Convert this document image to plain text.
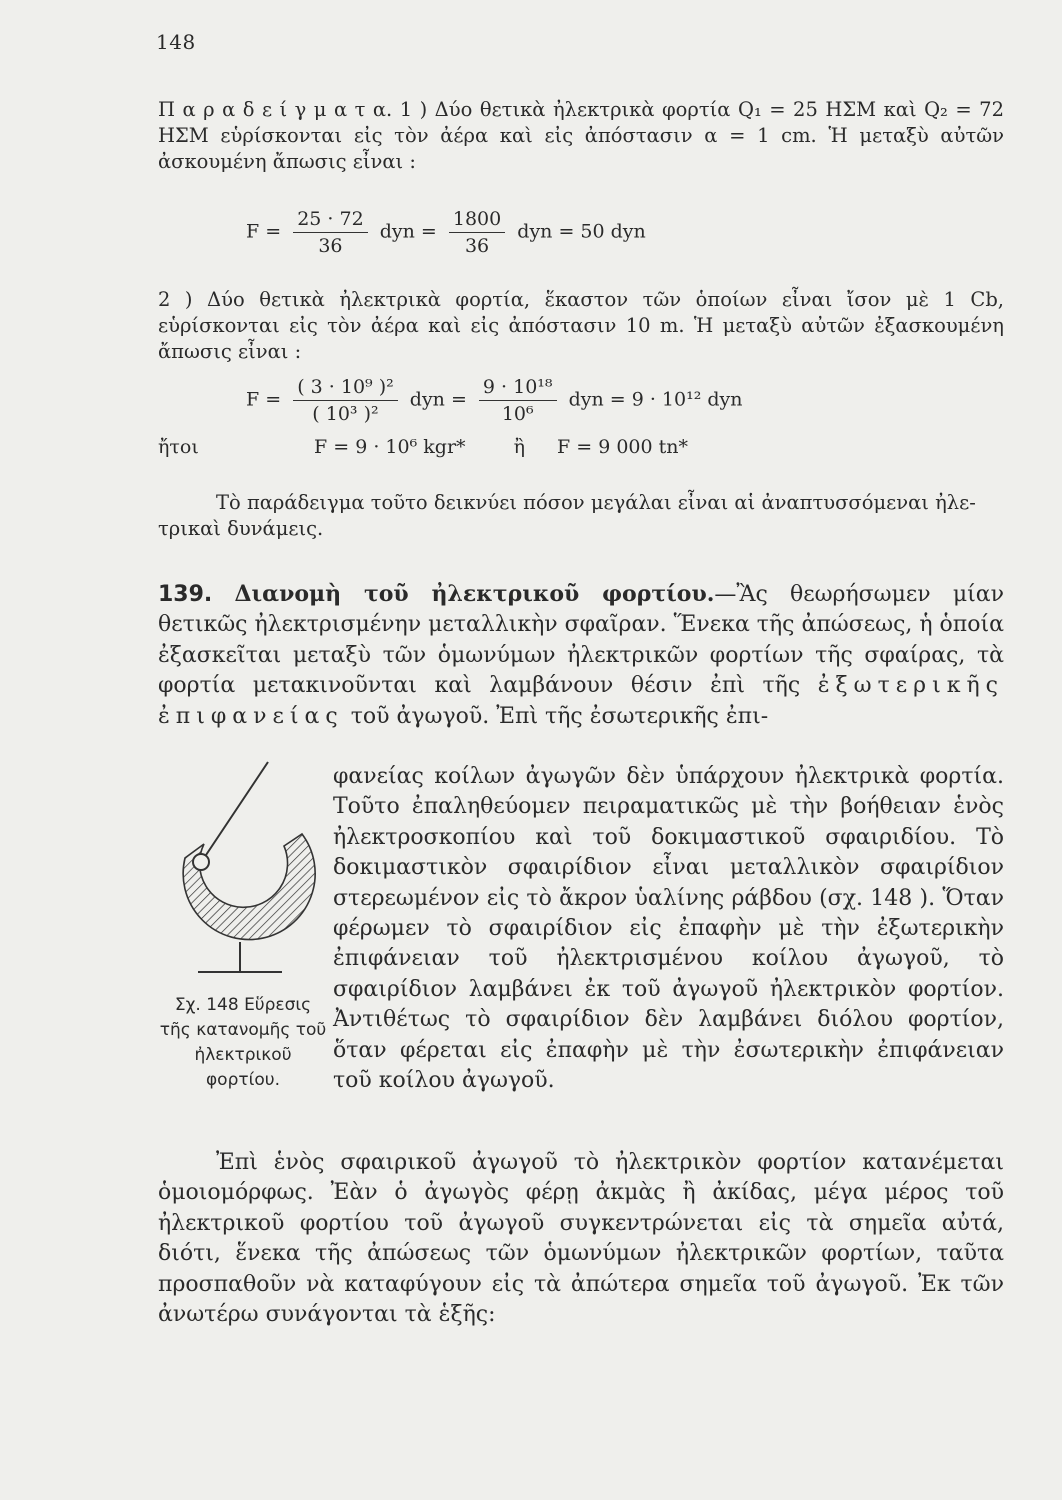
148
Π α ρ α δ ε ί γ μ α τ α. 1 ) Δύο θετικὰ ἠλεκτρικὰ φορτία Q₁ = 25 ΗΣΜ καὶ Q₂ = 72 ΗΣΜ εὑρίσκονται εἰς τὸν ἀέρα καὶ εἰς ἀπόστασιν α = 1 cm. Ἡ μεταξὺ αὐτῶν ἀσκουμένη ἄπωσις εἶναι :
$F = \frac{25 \cdot 72}{36}$ dyn = $\frac{1800}{36}$ dyn = 50 dyn
2 ) Δύο θετικὰ ἠλεκτρικὰ φορτία, ἕκαστον τῶν ὁποίων εἶναι ἴσον μὲ 1 Cb, εὑρίσκονται εἰς τὸν ἀέρα καὶ εἰς ἀπόστασιν 10 m. Ἡ μεταξὺ αὐτῶν ἐξασκουμένη ἄπωσις εἶναι :
$F = \frac{\text{( 3 · 10⁹ )²}}{\text{( 10³ )²}}$ dyn = $\frac{\text{9 · 10¹⁸}}{\text{10⁶}}$ dyn = 9 · 10¹² dyn
ἤτοι	F = 9 · 10⁶ kgr*	ἢ F = 9 000 tn*
Τὸ παράδειγμα τοῦτο δεικνύει πόσον μεγάλαι εἶναι αἱ ἀναπτυσσόμεναι ἠλε-
τρικαὶ δυνάμεις.
139. Διανομὴ τοῦ ἠλεκτρικοῦ φορτίου.—Ἂς θεωρήσωμεν μίαν θετικῶς ἠλεκτρισμένην μεταλλικὴν σφαῖραν. Ἕνεκα τῆς ἀπώσεως, ἡ ὁποία ἐξασκεῖται μεταξὺ τῶν ὁμωνύμων ἠλεκτρικῶν φορτίων τῆς σφαίρας, τὰ φορτία μετακινοῦνται καὶ λαμβάνουν θέσιν ἐπὶ τῆς ἐξωτερικῆς ἐπιφανείας τοῦ ἀγωγοῦ. Ἐπὶ τῆς ἐσωτερικῆς ἐπι-
Σχ. 148 Εὕρεσις τῆς κατανομῆς τοῦ ἠλεκτρικοῦ φορτίου.
φανείας κοίλων ἀγωγῶν δὲν ὑπάρχουν ἠλεκτρικὰ φορτία. Τοῦτο ἐπαληθεύομεν πειραματικῶς μὲ τὴν βοήθειαν ἑνὸς ἠλεκτροσκοπίου καὶ τοῦ δοκιμαστικοῦ σφαιριδίου. Τὸ δοκιμαστικὸν σφαιρίδιον εἶναι μεταλλικὸν σφαιρίδιον στερεωμένον εἰς τὸ ἄκρον ὑαλίνης ράβδου (σχ. 148 ). Ὅταν φέρωμεν τὸ σφαιρίδιον εἰς ἐπαφὴν μὲ τὴν ἐξωτερικὴν ἐπιφάνειαν τοῦ ἠλεκτρισμένου κοίλου ἀγωγοῦ, τὸ σφαιρίδιον λαμβάνει ἐκ τοῦ ἀγωγοῦ ἠλεκτρικὸν φορτίον. Ἀντιθέτως τὸ σφαιρίδιον δὲν λαμβάνει διόλου φορτίον, ὅταν φέρεται εἰς ἐπαφὴν μὲ τὴν ἐσωτερικὴν ἐπιφάνειαν τοῦ κοίλου ἀγωγοῦ.

Ἐπὶ ἑνὸς σφαιρικοῦ ἀγωγοῦ τὸ ἠλεκτρικὸν φορτίον κατανέμεται ὁμοιομόρφως. Ἐὰν ὁ ἀγωγὸς φέρῃ ἀκμὰς ἢ ἀκίδας, μέγα μέρος τοῦ ἠλεκτρικοῦ φορτίου τοῦ ἀγωγοῦ συγκεντρώνεται εἰς τὰ σημεῖα αὐτά, διότι, ἕνεκα τῆς ἀπώσεως τῶν ὁμωνύμων ἠλεκτρικῶν φορτίων, ταῦτα προσπαθοῦν νὰ καταφύγουν εἰς τὰ ἀπώτερα σημεῖα τοῦ ἀγωγοῦ. Ἐκ τῶν ἀνωτέρω συνάγονται τὰ ἑξῆς:
